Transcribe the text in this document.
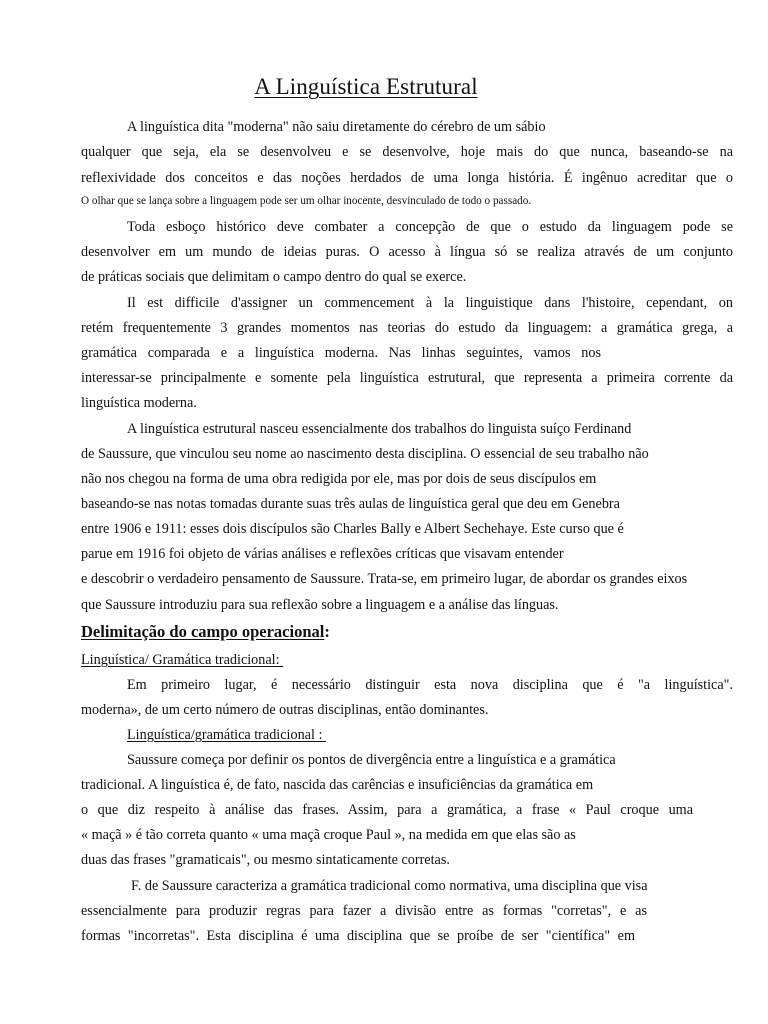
A Linguística Estrutural
A linguística dita "moderna" não saiu diretamente do cérebro de um sábio
qualquer que seja, ela se desenvolveu e se desenvolve, hoje mais do que nunca, baseando-se na
reflexividade dos conceitos e das noções herdados de uma longa história. É ingênuo acreditar que o
O olhar que se lança sobre a linguagem pode ser um olhar inocente, desvinculado de todo o passado.
Toda esboço histórico deve combater a concepção de que o estudo da linguagem pode se
desenvolver em um mundo de ideias puras. O acesso à língua só se realiza através de um conjunto
de práticas sociais que delimitam o campo dentro do qual se exerce.
Il est difficile d'assigner un commencement à la linguistique dans l'histoire, cependant, on
retém frequentemente 3 grandes momentos nas teorias do estudo da linguagem: a gramática grega, a
gramática comparada e a linguística moderna. Nas linhas seguintes, vamos nos
interessar-se principalmente e somente pela linguística estrutural, que representa a primeira corrente da
linguística moderna.
A linguística estrutural nasceu essencialmente dos trabalhos do linguista suíço Ferdinand
de Saussure, que vinculou seu nome ao nascimento desta disciplina. O essencial de seu trabalho não
não nos chegou na forma de uma obra redigida por ele, mas por dois de seus discípulos em
baseando-se nas notas tomadas durante suas três aulas de linguística geral que deu em Genebra
entre 1906 e 1911: esses dois discípulos são Charles Bally e Albert Sechehaye. Este curso que é
parue em 1916 foi objeto de várias análises e reflexões críticas que visavam entender
e descobrir o verdadeiro pensamento de Saussure. Trata-se, em primeiro lugar, de abordar os grandes eixos
que Saussure introduziu para sua reflexão sobre a linguagem e a análise das línguas.
Delimitação do campo operacional:
Linguística/ Gramática tradicional:
Em primeiro lugar, é necessário distinguir esta nova disciplina que é "a linguística".
moderna», de um certo número de outras disciplinas, então dominantes.
Linguística/gramática tradicional :
Saussure começa por definir os pontos de divergência entre a linguística e a gramática
tradicional. A linguística é, de fato, nascida das carências e insuficiências da gramática em
o que diz respeito à análise das frases. Assim, para a gramática, a frase « Paul croque uma
« maçã » é tão correta quanto « uma maçã croque Paul », na medida em que elas são as
duas das frases "gramaticais", ou mesmo sintaticamente corretas.
F. de Saussure caracteriza a gramática tradicional como normativa, uma disciplina que visa
essencialmente para produzir regras para fazer a divisão entre as formas "corretas", e as
formas "incorretas". Esta disciplina é uma disciplina que se proíbe de ser "científica" em
